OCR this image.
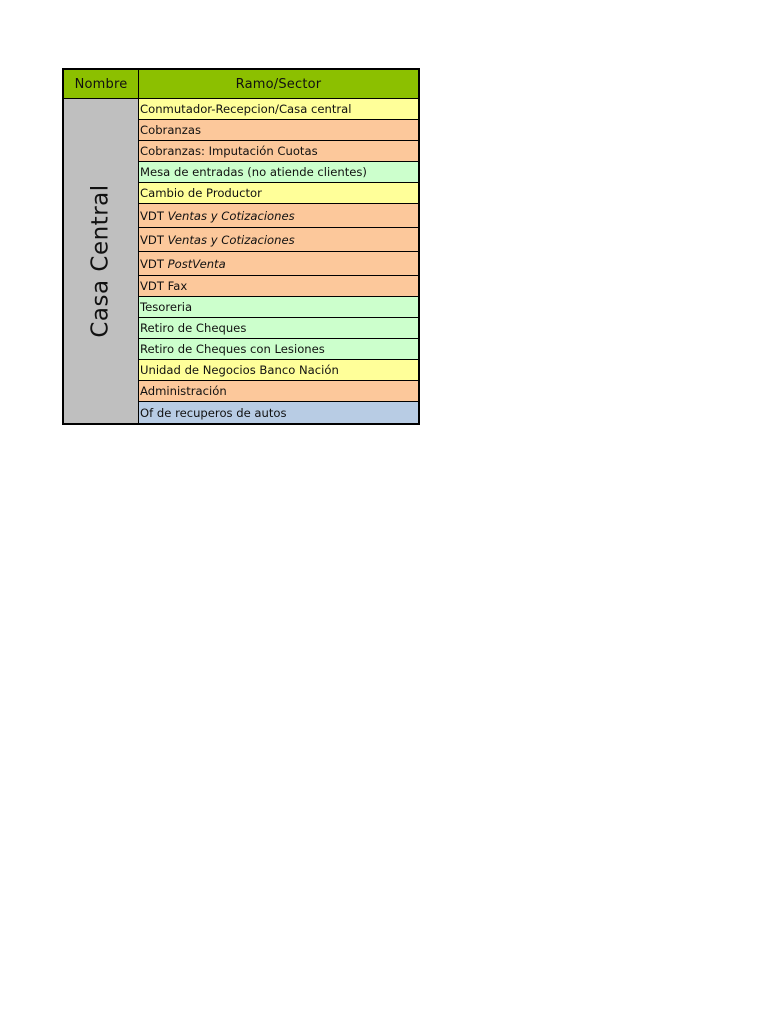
Nombre	Ramo/Sector
Casa Central
Conmutador-Recepcion/Casa central
Cobranzas
Cobranzas: Imputación Cuotas
Mesa de entradas (no atiende clientes)
Cambio de Productor
VDT
Ventas y Cotizaciones
VDT
Ventas y Cotizaciones
VDT
PostVenta
VDT Fax
Tesoreria
Retiro de Cheques
Retiro de Cheques con Lesiones
Unidad de Negocios Banco Nación
Administración
Of de recuperos de autos
